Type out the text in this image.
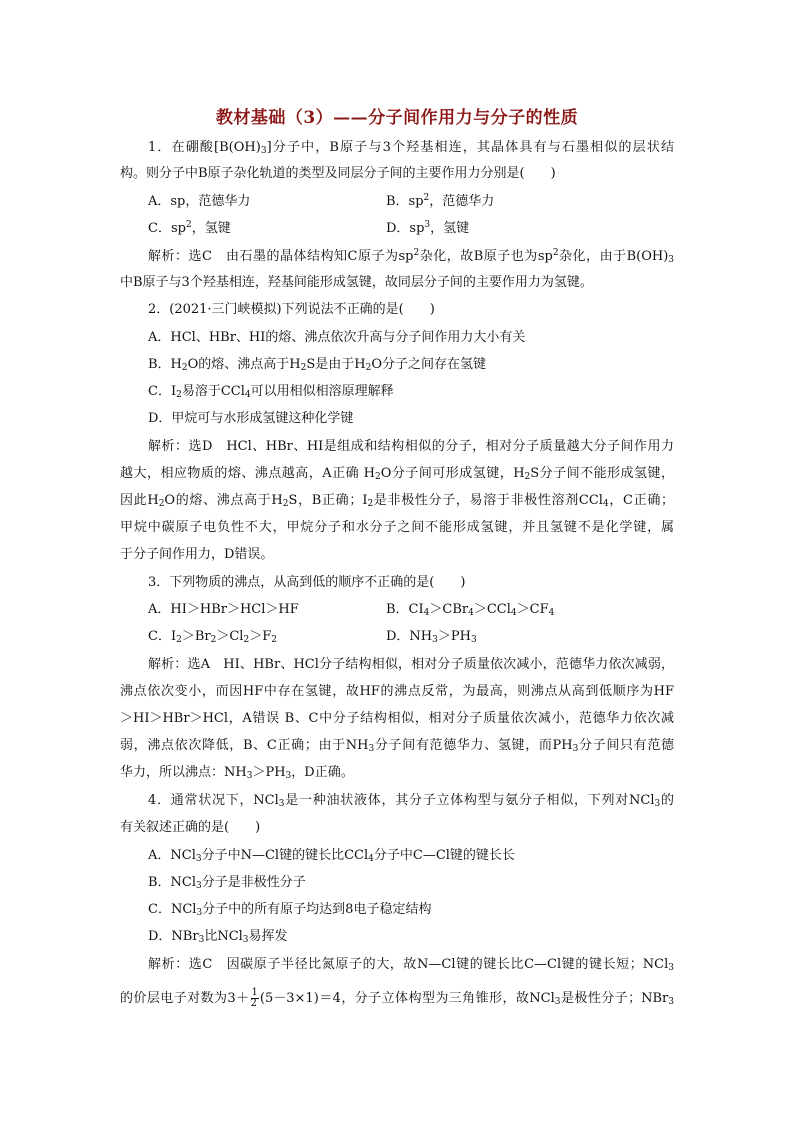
教材基础（3）——分子间作用力与分子的性质
1．在硼酸$[B(OH)_3]$分子中，B原子与3个羟基相连，其晶体具有与石墨相似的层状结
构。则分子中B原子杂化轨道的类型及同层分子间的主要作用力分别是(　　)
A．sp，范德华力	B．$sp^2$，范德华力
C．$sp^2$，氢键	D．$sp^3$，氢键
解析：选C　由石墨的晶体结构知C原子为$sp^2$杂化，故B原子也为$sp^2$杂化，由于$B(OH)_3$
中B原子与3个羟基相连，羟基间能形成氢键，故同层分子间的主要作用力为氢键。
2．(2021·三门峡模拟)下列说法不正确的是(　　)
A．HCl、HBr、HI的熔、沸点依次升高与分子间作用力大小有关
B．$H_2O$的熔、沸点高于$H_2S$是由于$H_2O$分子之间存在氢键
C．$I_2$易溶于CCl$_4$可以用相似相溶原理解释
D．甲烷可与水形成氢键这种化学键
解析：选D　HCl、HBr、HI是组成和结构相似的分子，相对分子质量越大分子间作用力
越大，相应物质的熔、沸点越高，A正确 $H_2O$分子间可形成氢键，$H_2S$分子间不能形成氢键，
因此$H_2O$的熔、沸点高于$H_2S$，B正确；$I_2$是非极性分子，易溶于非极性溶剂CCl$_4$，C正确；
甲烷中碳原子电负性不大，甲烷分子和水分子之间不能形成氢键，并且氢键不是化学键，属
于分子间作用力，D错误。
3．下列物质的沸点，从高到低的顺序不正确的是(　　)
A．HI＞HBr＞HCl＞HF	B．$CI_4>CBr_4>CCl_4>CF_4$
C．$I_2>Br_2>Cl_2>F_2$	D．$NH_3>PH_3$
解析：选A　HI、HBr、HCl分子结构相似，相对分子质量依次减小，范德华力依次减弱，
沸点依次变小，而因HF中存在氢键，故HF的沸点反常，为最高，则沸点从高到低顺序为HF
＞HI＞HBr＞HCl，A错误 B、C中分子结构相似，相对分子质量依次减小，范德华力依次减
弱，沸点依次降低，B、C正确；由于$NH_3$分子间有范德华力、氢键，而$PH_3$分子间只有范德
华力，所以沸点：$NH_3>PH_3$，D正确。
4．通常状况下，NCl$_3$是一种油状液体，其分子立体构型与氨分子相似，下列对NCl$_3$的
有关叙述正确的是(　　)
A．NCl$_3$分子中N—Cl键的键长比CCl$_4$分子中C—Cl键的键长长
B．NCl$_3$分子是非极性分子
C．NCl$_3$分子中的所有原子均达到8电子稳定结构
D．NBr$_3$比NCl$_3$易挥发
解析：选C　因碳原子半径比氮原子的大，故N—Cl键的键长比C—Cl键的键长短；NCl$_3$
的价层电子对数为$3+ \frac{1}{2} (5-3\times 1)=4$，分子立体构型为三角锥形，故NCl$_3$是极性分子；NBr$_3$
